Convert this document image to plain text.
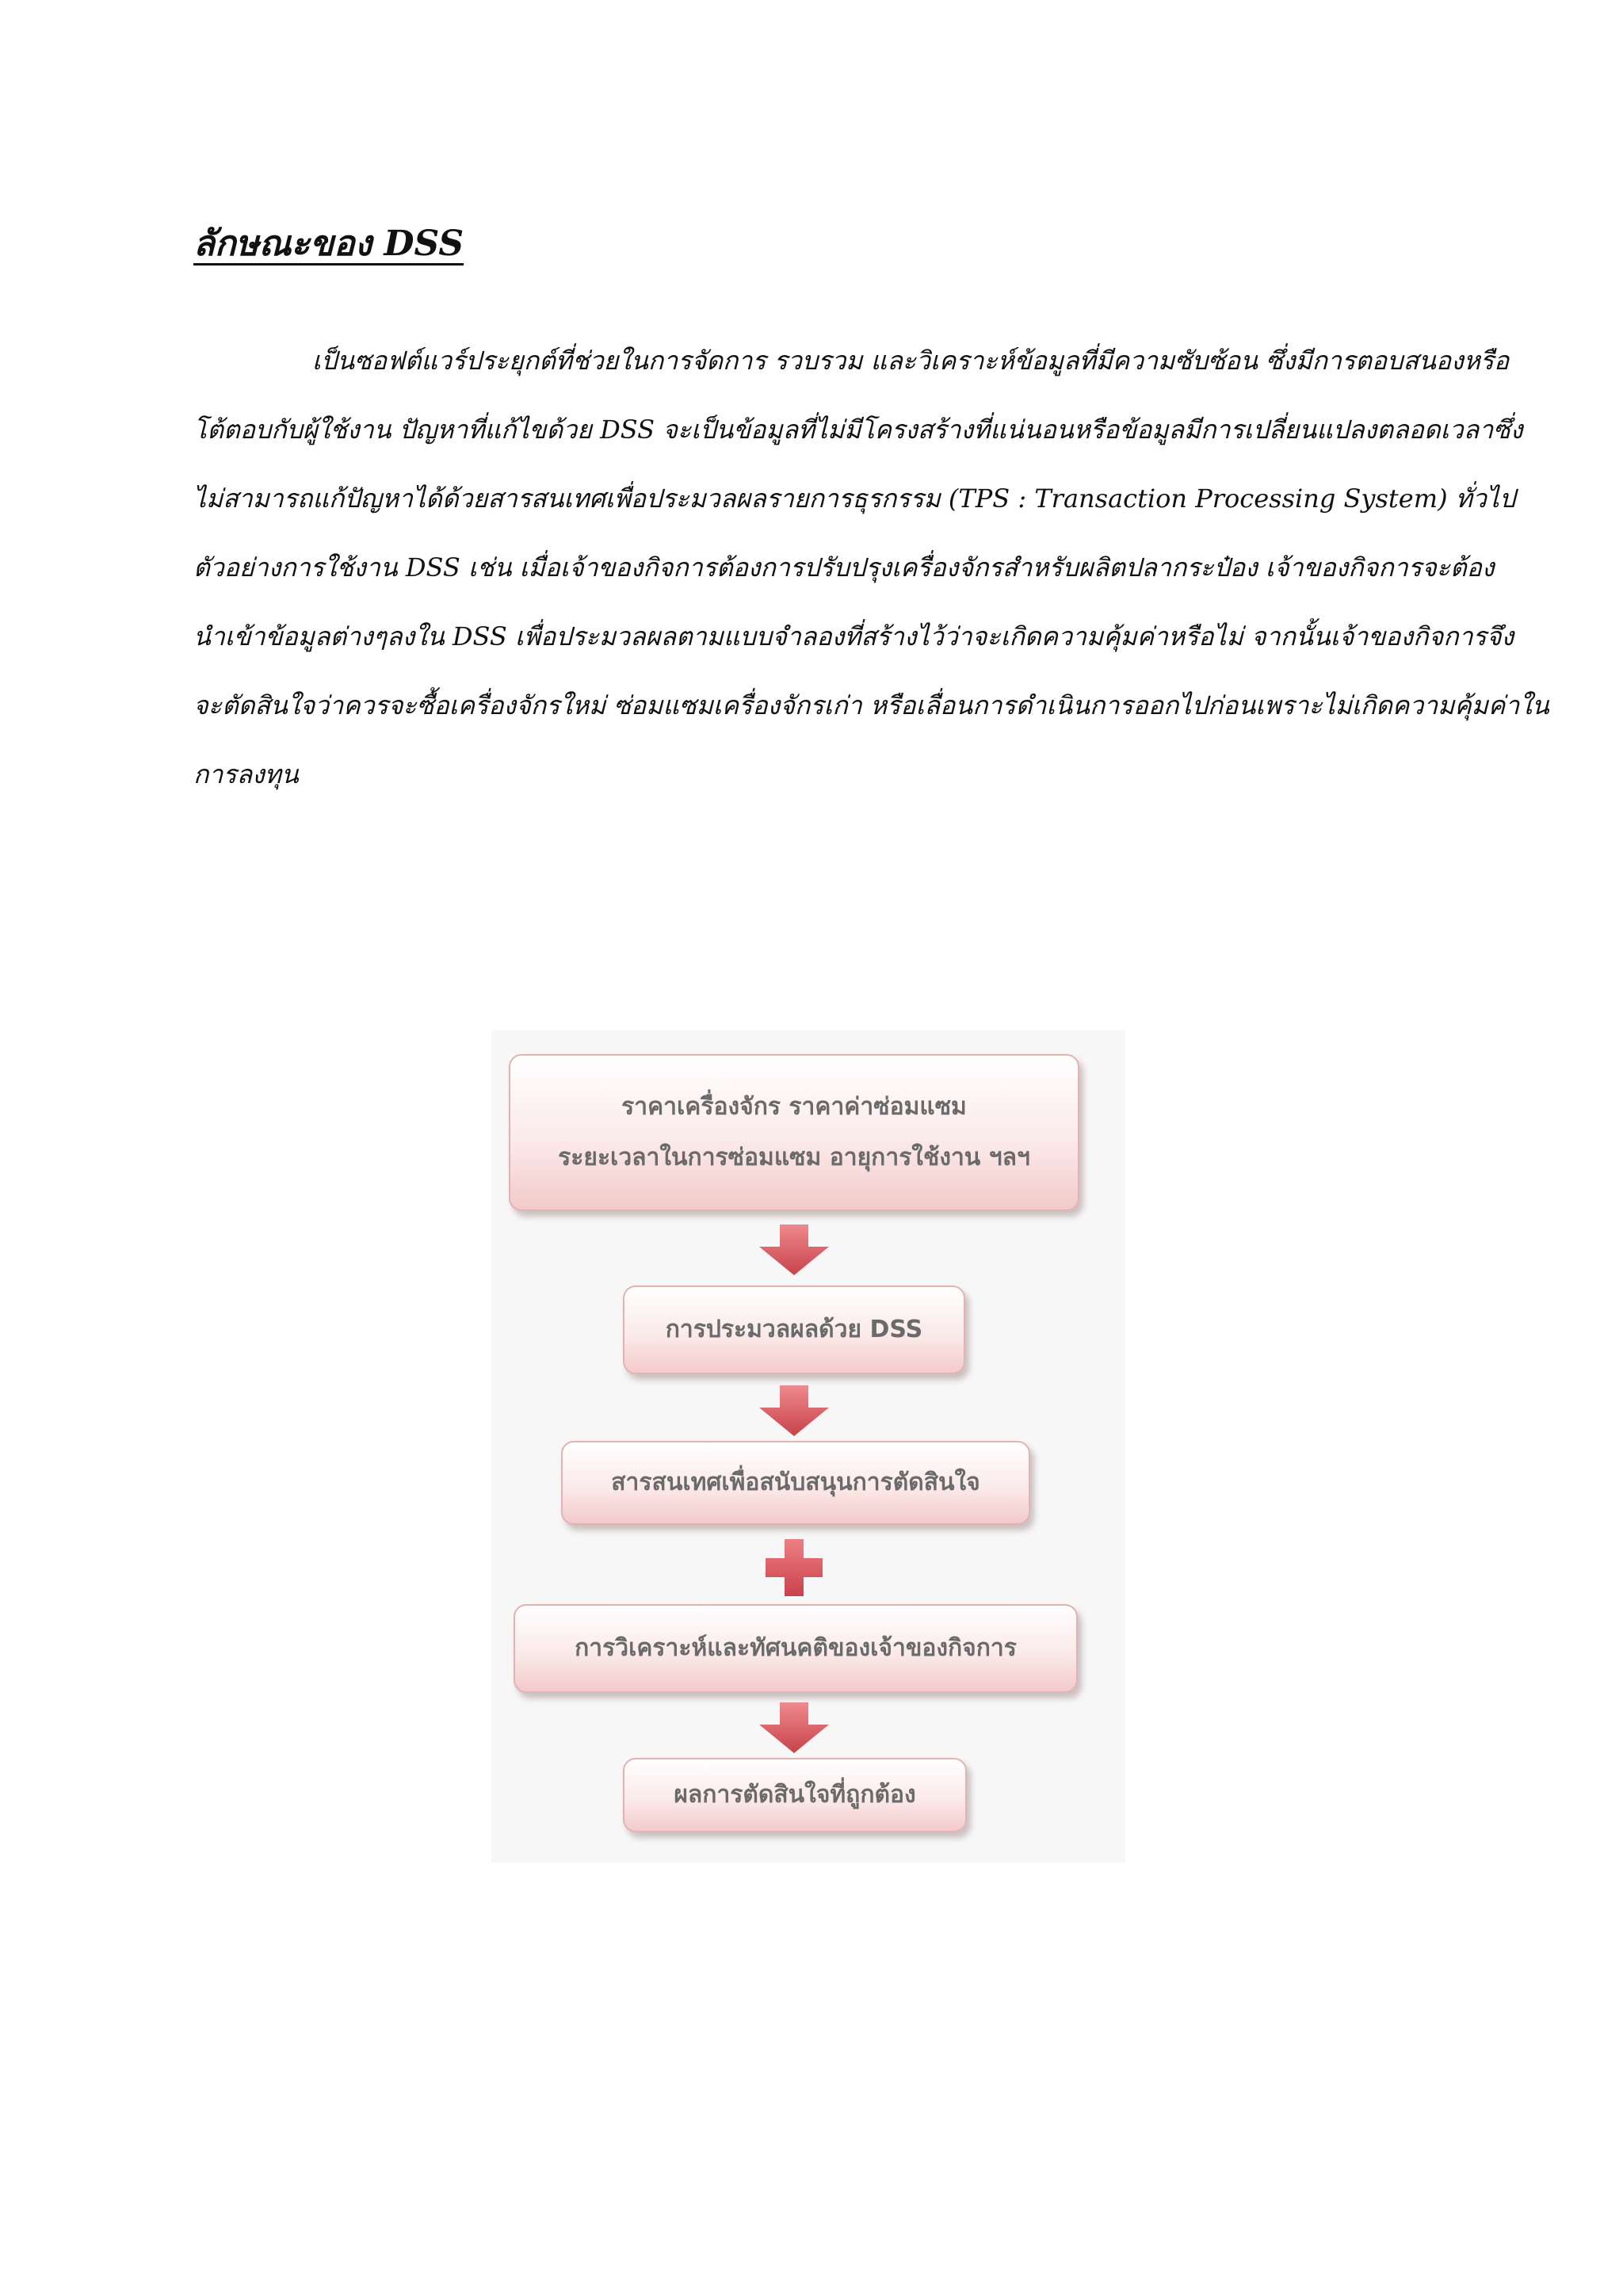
ลักษณะของ DSS

เป็นซอฟต์แวร์ประยุกต์ที่ช่วยในการจัดการ รวบรวม และวิเคราะห์ข้อมูลที่มีความซับซ้อน ซึ่งมีการตอบสนองหรือ
โต้ตอบกับผู้ใช้งาน ปัญหาที่แก้ไขด้วย DSS จะเป็นข้อมูลที่ไม่มีโครงสร้างที่แน่นอนหรือข้อมูลมีการเปลี่ยนแปลงตลอดเวลาซึ่ง
ไม่สามารถแก้ปัญหาได้ด้วยสารสนเทศเพื่อประมวลผลรายการธุรกรรม (TPS : Transaction Processing System) ทั่วไป
ตัวอย่างการใช้งาน DSS เช่น เมื่อเจ้าของกิจการต้องการปรับปรุงเครื่องจักรสำหรับผลิตปลากระป๋อง เจ้าของกิจการจะต้อง
นำเข้าข้อมูลต่างๆลงใน DSS เพื่อประมวลผลตามแบบจำลองที่สร้างไว้ว่าจะเกิดความคุ้มค่าหรือไม่ จากนั้นเจ้าของกิจการจึง
จะตัดสินใจว่าควรจะซื้อเครื่องจักรใหม่ ซ่อมแซมเครื่องจักรเก่า หรือเลื่อนการดำเนินการออกไปก่อนเพราะไม่เกิดความคุ้มค่าใน
การลงทุน

ราคาเครื่องจักร ราคาค่าซ่อมแซม
ระยะเวลาในการซ่อมแซม อายุการใช้งาน ฯลฯ
การประมวลผลด้วย DSS
สารสนเทศเพื่อสนับสนุนการตัดสินใจ
การวิเคราะห์และทัศนคติของเจ้าของกิจการ
ผลการตัดสินใจที่ถูกต้อง
